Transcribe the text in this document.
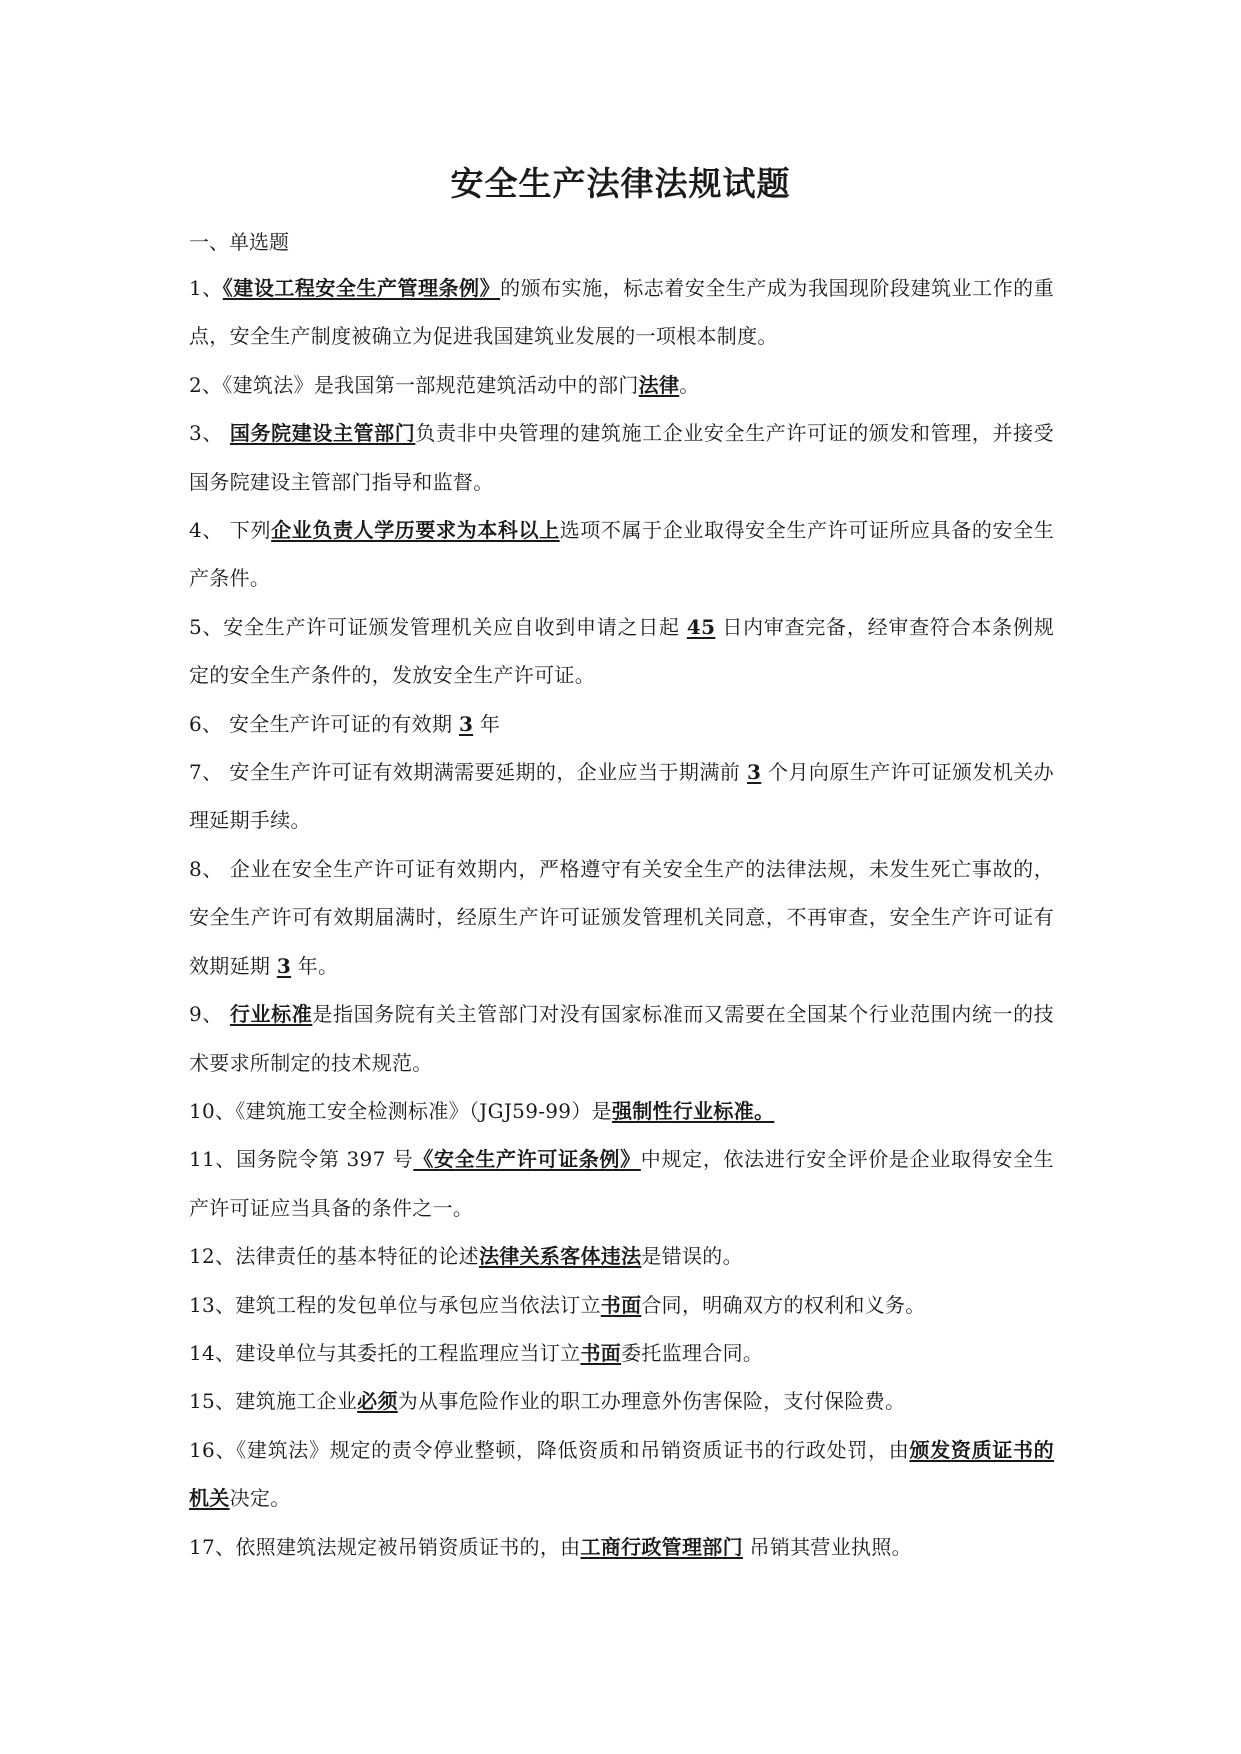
安全生产法律法规试题
一、单选题

1、《建设工程安全生产管理条例》的颁布实施，标志着安全生产成为我国现阶段建筑业工作的重点，安全生产制度被确立为促进我国建筑业发展的一项根本制度。

2、《建筑法》是我国第一部规范建筑活动中的部门法律。

3、 国务院建设主管部门负责非中央管理的建筑施工企业安全生产许可证的颁发和管理，并接受国务院建设主管部门指导和监督。

4、 下列企业负责人学历要求为本科以上选项不属于企业取得安全生产许可证所应具备的安全生产条件。

5、安全生产许可证颁发管理机关应自收到申请之日起 45 日内审查完备，经审查符合本条例规定的安全生产条件的，发放安全生产许可证。

6、 安全生产许可证的有效期 3 年

7、 安全生产许可证有效期满需要延期的，企业应当于期满前 3 个月向原生产许可证颁发机关办理延期手续。

8、 企业在安全生产许可证有效期内，严格遵守有关安全生产的法律法规，未发生死亡事故的，安全生产许可有效期届满时，经原生产许可证颁发管理机关同意，不再审查，安全生产许可证有效期延期 3 年。

9、 行业标准是指国务院有关主管部门对没有国家标准而又需要在全国某个行业范围内统一的技术要求所制定的技术规范。

10、《建筑施工安全检测标准》（JGJ59-99）是强制性行业标准。

11、国务院令第 397 号《安全生产许可证条例》中规定，依法进行安全评价是企业取得安全生产许可证应当具备的条件之一。

12、法律责任的基本特征的论述法律关系客体违法是错误的。

13、建筑工程的发包单位与承包应当依法订立书面合同，明确双方的权利和义务。

14、建设单位与其委托的工程监理应当订立书面委托监理合同。

15、建筑施工企业必须为从事危险作业的职工办理意外伤害保险，支付保险费。

16、《建筑法》规定的责令停业整顿，降低资质和吊销资质证书的行政处罚，由颁发资质证书的机关决定。

17、依照建筑法规定被吊销资质证书的，由工商行政管理部门 吊销其营业执照。
